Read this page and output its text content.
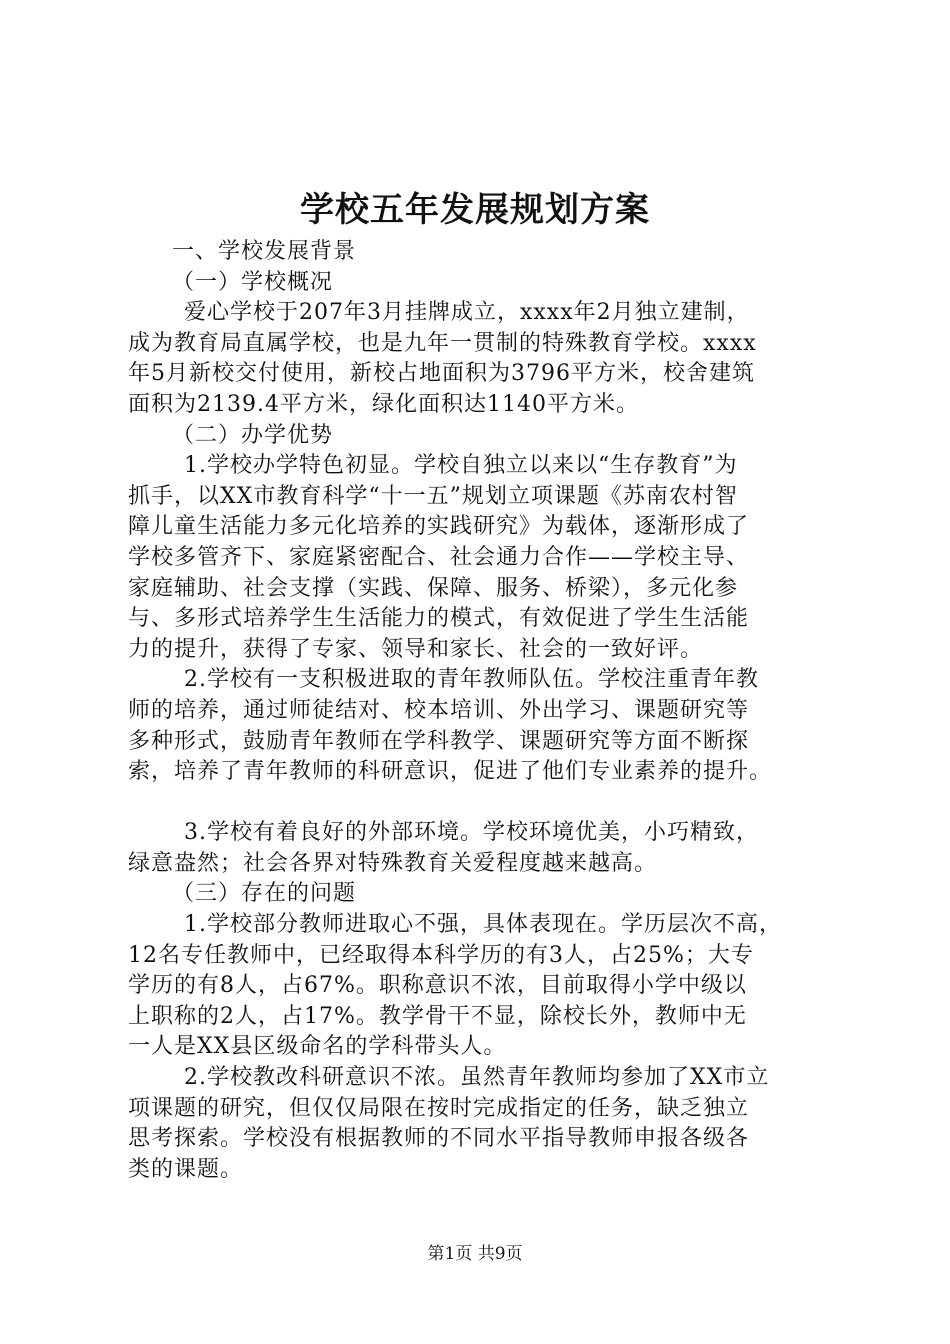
学校五年发展规划方案

一、学校发展背景

（一）学校概况

爱心学校于207年3月挂牌成立，xxxx年2月独立建制，

成为教育局直属学校，也是九年一贯制的特殊教育学校。xxxx

年5月新校交付使用，新校占地面积为3796平方米，校舍建筑

面积为2139.4平方米，绿化面积达1140平方米。

（二）办学优势

1.学校办学特色初显。学校自独立以来以“生存教育”为

抓手，以XX市教育科学“十一五”规划立项课题《苏南农村智

障儿童生活能力多元化培养的实践研究》为载体，逐渐形成了

学校多管齐下、家庭紧密配合、社会通力合作——学校主导、

家庭辅助、社会支撑（实践、保障、服务、桥梁），多元化参

与、多形式培养学生生活能力的模式，有效促进了学生生活能

力的提升，获得了专家、领导和家长、社会的一致好评。

2.学校有一支积极进取的青年教师队伍。学校注重青年教

师的培养，通过师徒结对、校本培训、外出学习、课题研究等

多种形式，鼓励青年教师在学科教学、课题研究等方面不断探

索，培养了青年教师的科研意识，促进了他们专业素养的提升。

3.学校有着良好的外部环境。学校环境优美，小巧精致，

绿意盎然；社会各界对特殊教育关爱程度越来越高。

（三）存在的问题

1.学校部分教师进取心不强，具体表现在。学历层次不高，

12名专任教师中，已经取得本科学历的有3人，占25%；大专

学历的有8人，占67%。职称意识不浓，目前取得小学中级以

上职称的2人，占17%。教学骨干不显，除校长外，教师中无

一人是XX县区级命名的学科带头人。

2.学校教改科研意识不浓。虽然青年教师均参加了XX市立

项课题的研究，但仅仅局限在按时完成指定的任务，缺乏独立

思考探索。学校没有根据教师的不同水平指导教师申报各级各

类的课题。

第1页 共9页
